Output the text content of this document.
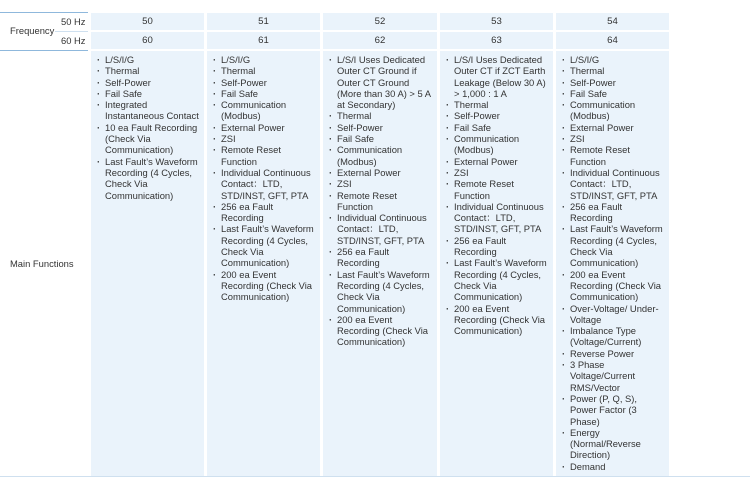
Frequency
50 Hz
60 Hz
Main Functions
50
60
· L/S/I/G
· Thermal
· Self-Power
· Fail Safe
· Integrated Instantaneous Contact
· 10 ea Fault Recording (Check Via Communication)
· Last Fault’s Waveform Recording (4 Cycles, Check Via Communication)
51
61
· L/S/I/G
· Thermal
· Self-Power
· Fail Safe
· Communication (Modbus)
· External Power
· ZSI
· Remote Reset Function
· Individual Continuous Contact：LTD, STD/INST, GFT, PTA
· 256 ea Fault Recording
· Last Fault’s Waveform Recording (4 Cycles, Check Via Communication)
· 200 ea Event Recording (Check Via Communication)
52
62
· L/S/I Uses Dedicated Outer CT Ground if Outer CT Ground (More than 30 A) > 5 A at Secondary)
· Thermal
· Self-Power
· Fail Safe
· Communication (Modbus)
· External Power
· ZSI
· Remote Reset Function
· Individual Continuous Contact：LTD, STD/INST, GFT, PTA
· 256 ea Fault Recording
· Last Fault’s Waveform Recording (4 Cycles, Check Via Communication)
· 200 ea Event Recording (Check Via Communication)
53
63
· L/S/I Uses Dedicated Outer CT if ZCT Earth Leakage (Below 30 A) > 1,000 : 1 A
· Thermal
· Self-Power
· Fail Safe
· Communication (Modbus)
· External Power
· ZSI
· Remote Reset Function
· Individual Continuous Contact：LTD, STD/INST, GFT, PTA
· 256 ea Fault Recording
· Last Fault’s Waveform Recording (4 Cycles, Check Via Communication)
· 200 ea Event Recording (Check Via Communication)
54
64
· L/S/I/G
· Thermal
· Self-Power
· Fail Safe
· Communication (Modbus)
· External Power
· ZSI
· Remote Reset Function
· Individual Continuous Contact：LTD, STD/INST, GFT, PTA
· 256 ea Fault Recording
· Last Fault’s Waveform Recording (4 Cycles, Check Via Communication)
· 200 ea Event Recording (Check Via Communication)
· Over-Voltage/ Under-Voltage
· Imbalance Type (Voltage/Current)
· Reverse Power
· 3 Phase Voltage/Current RMS/Vector
· Power (P, Q, S), Power Factor (3 Phase)
· Energy (Normal/Reverse Direction)
· Demand
